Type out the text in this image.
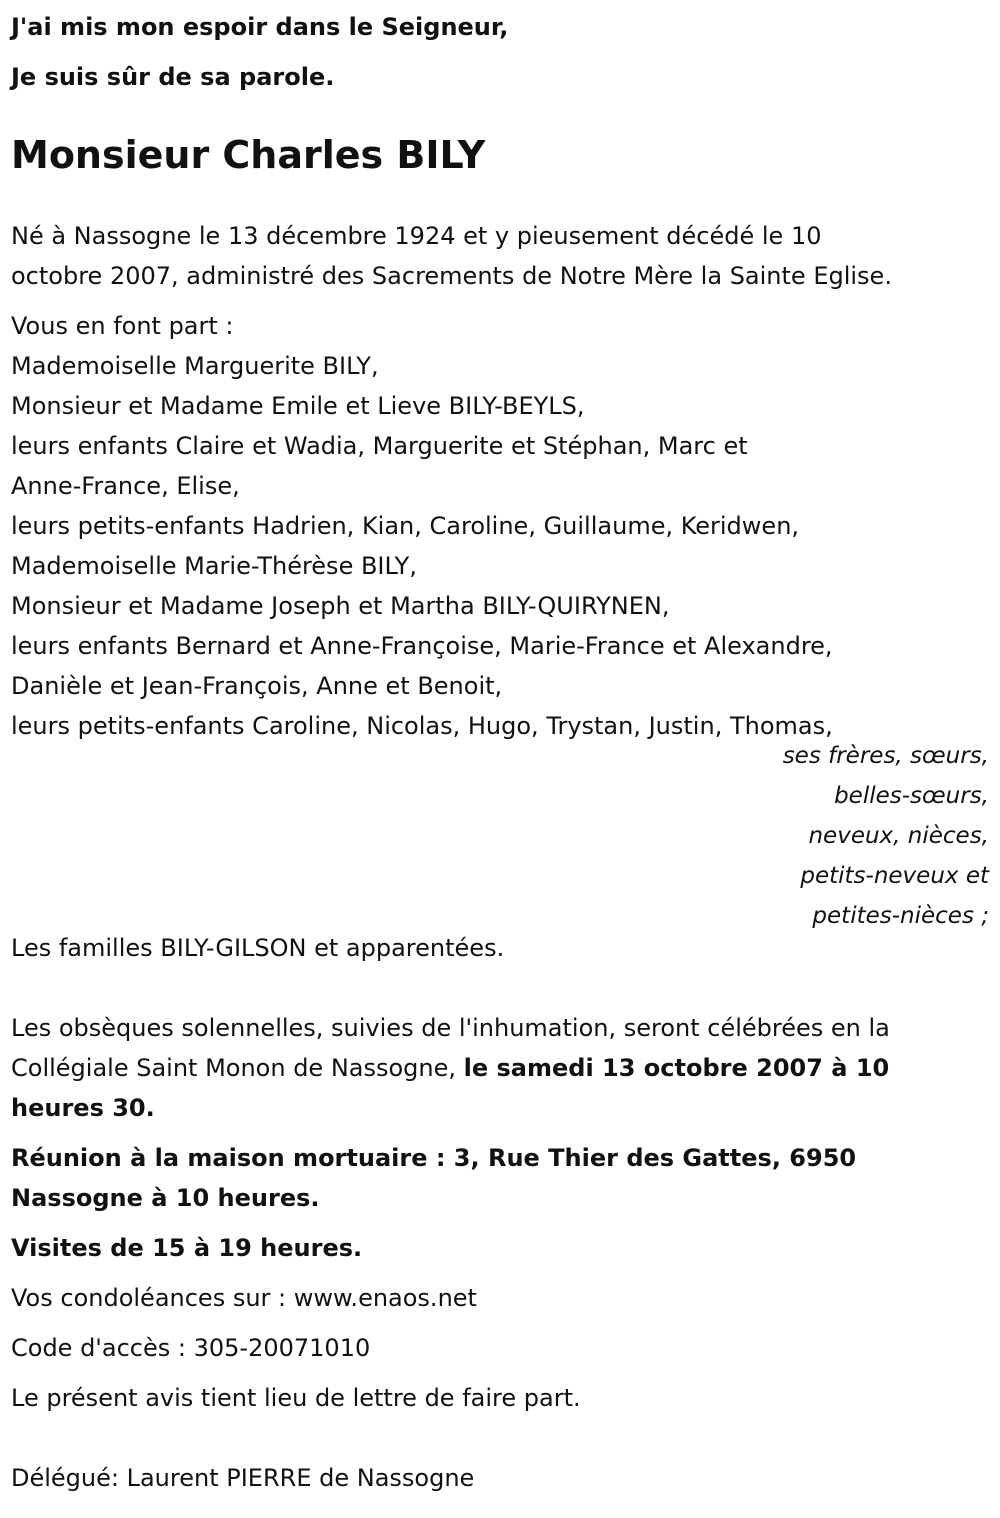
J'ai mis mon espoir dans le Seigneur,
Je suis sûr de sa parole.
Monsieur Charles BILY
Né à Nassogne le 13 décembre 1924 et y pieusement décédé le 10
octobre 2007, administré des Sacrements de Notre Mère la Sainte Eglise.
Vous en font part :
Mademoiselle Marguerite BILY,
Monsieur et Madame Emile et Lieve BILY-BEYLS,
leurs enfants Claire et Wadia, Marguerite et Stéphan, Marc et
Anne-France, Elise,
leurs petits-enfants Hadrien, Kian, Caroline, Guillaume, Keridwen,
Mademoiselle Marie-Thérèse BILY,
Monsieur et Madame Joseph et Martha BILY-QUIRYNEN,
leurs enfants Bernard et Anne-Françoise, Marie-France et Alexandre,
Danièle et Jean-François, Anne et Benoit,
leurs petits-enfants Caroline, Nicolas, Hugo, Trystan, Justin, Thomas,
ses frères, sœurs,
belles-sœurs,
neveux, nièces,
petits-neveux et
petites-nièces ;
Les familles BILY-GILSON et apparentées.
Les obsèques solennelles, suivies de l'inhumation, seront célébrées en la
Collégiale Saint Monon de Nassogne, le samedi 13 octobre 2007 à 10
heures 30.
Réunion à la maison mortuaire : 3, Rue Thier des Gattes, 6950
Nassogne à 10 heures.
Visites de 15 à 19 heures.
Vos condoléances sur : www.enaos.net
Code d'accès : 305-20071010
Le présent avis tient lieu de lettre de faire part.
Délégué: Laurent PIERRE de Nassogne
